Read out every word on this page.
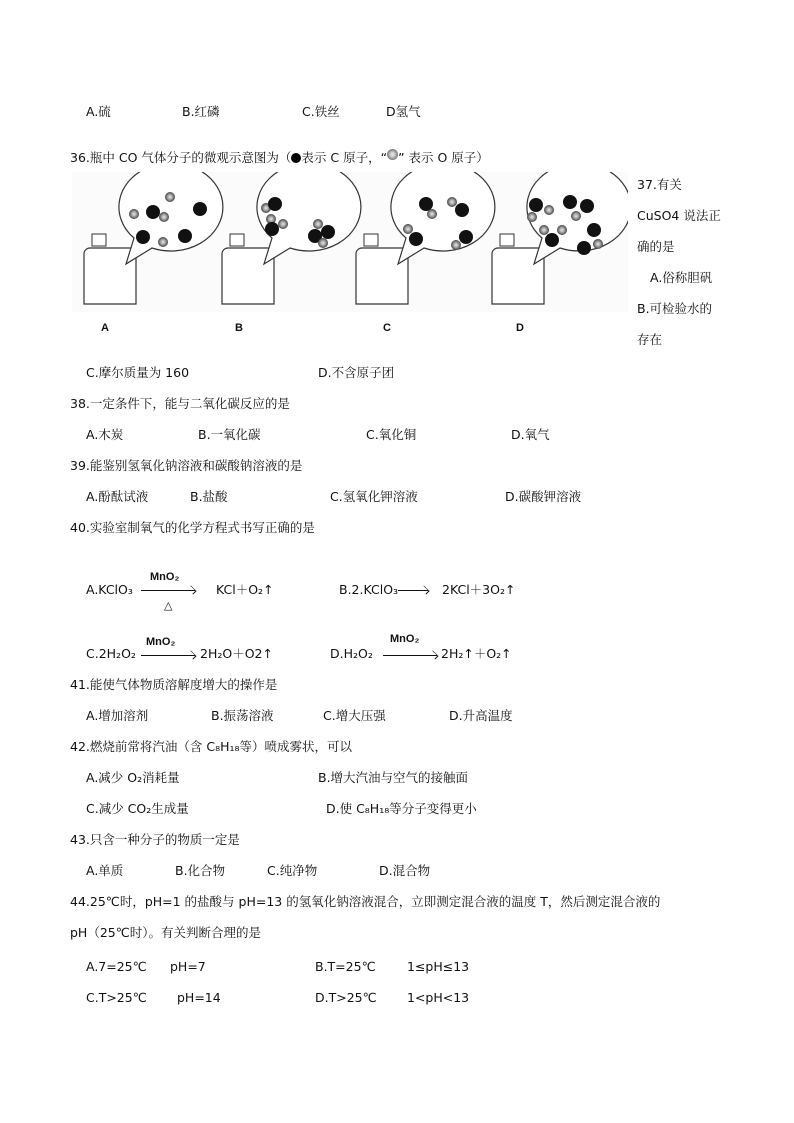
A.硫	B.红磷	C.铁丝	D氢气
36.瓶中 CO 气体分子的微观示意图为（ 表示 C 原子，“ ” 表示 O 原子）
A	B	C	D
37.有关
CuSO4 说法正
确的是
A.俗称胆矾
B.可检验水的
存在
C.摩尔质量为 160	D.不含原子团
38.一定条件下，能与二氧化碳反应的是
A.木炭	B.一氧化碳	C.氧化铜	D.氧气
39.能鉴别氢氧化钠溶液和碳酸钠溶液的是
A.酚酞试液	B.盐酸	C.氢氧化钾溶液	D.碳酸钾溶液
40.实验室制氧气的化学方程式书写正确的是
A.KClO₃
MnO₂
△
KCl＋O₂↑	B.2.KClO₃	2KCl＋3O₂↑
C.2H₂O₂
MnO₂
2H₂O＋O2↑	D.H₂O₂
MnO₂
2H₂↑＋O₂↑
41.能使气体物质溶解度增大的操作是
A.增加溶剂	B.振荡溶液	C.增大压强	D.升高温度
42.燃烧前常将汽油（含 C₈H₁₈等）喷成雾状，可以
A.减少 O₂消耗量	B.增大汽油与空气的接触面
C.减少 CO₂生成量	D.使 C₈H₁₈等分子变得更小
43.只含一种分子的物质一定是
A.单质	B.化合物	C.纯净物	D.混合物
44.25℃时，pH=1 的盐酸与 pH=13 的氢氧化钠溶液混合，立即测定混合液的温度 T，然后测定混合液的
pH（25℃时）。有关判断合理的是
A.7=25℃ pH=7	B.T=25℃	1≤pH≤13
C.T>25℃ pH=14	D.T>25℃ 1<pH<13
